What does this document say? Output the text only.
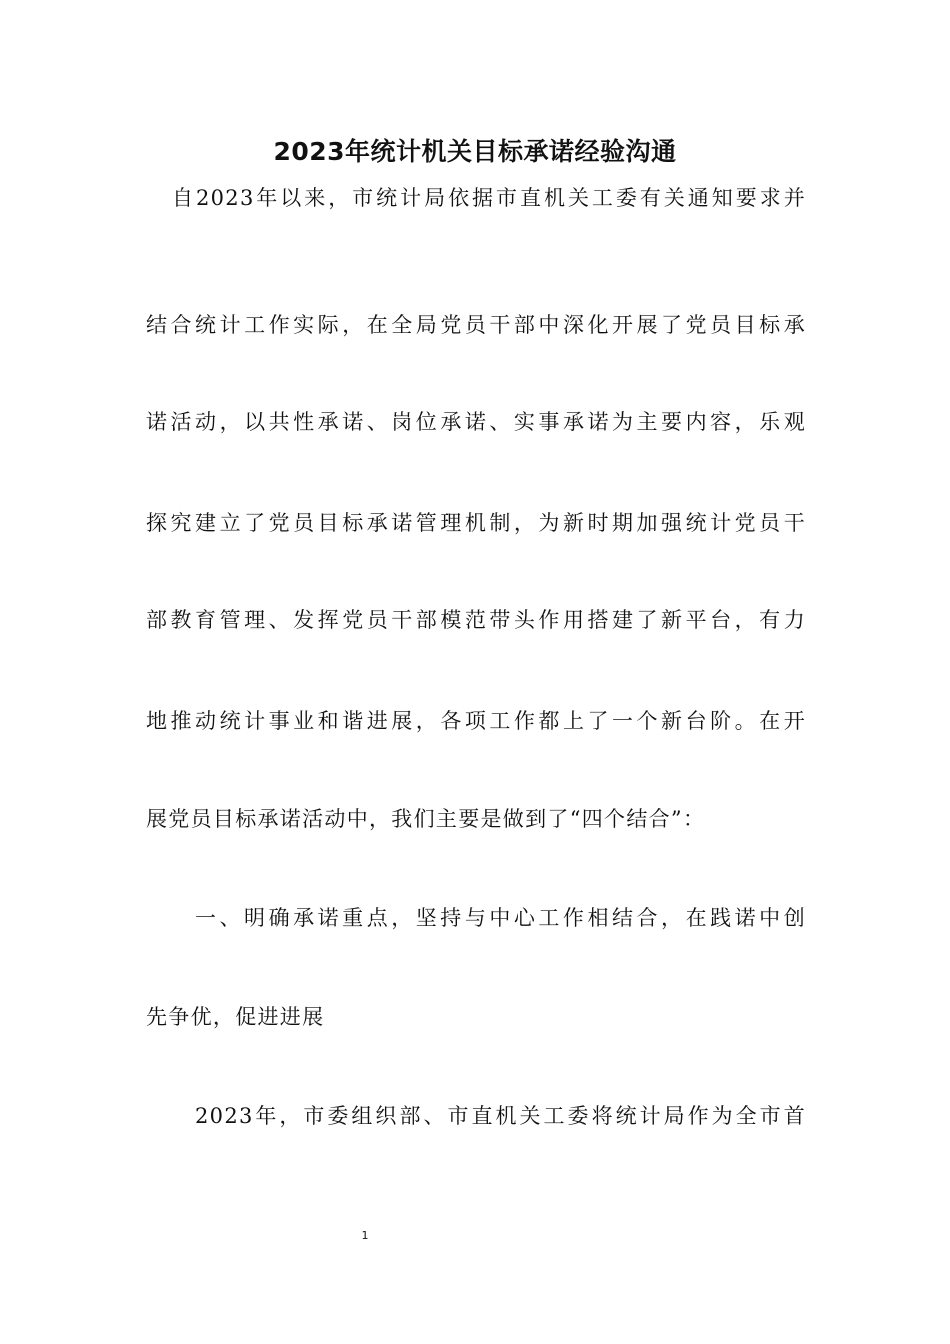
2023年统计机关目标承诺经验沟通
自2023年以来，市统计局依据市直机关工委有关通知要求并
结合统计工作实际，在全局党员干部中深化开展了党员目标承
诺活动，以共性承诺、岗位承诺、实事承诺为主要内容，乐观
探究建立了党员目标承诺管理机制，为新时期加强统计党员干
部教育管理、发挥党员干部模范带头作用搭建了新平台，有力
地推动统计事业和谐进展，各项工作都上了一个新台阶。在开
展党员目标承诺活动中，我们主要是做到了“四个结合”：
一、明确承诺重点，坚持与中心工作相结合，在践诺中创
先争优，促进进展
2023年，市委组织部、市直机关工委将统计局作为全市首
1
